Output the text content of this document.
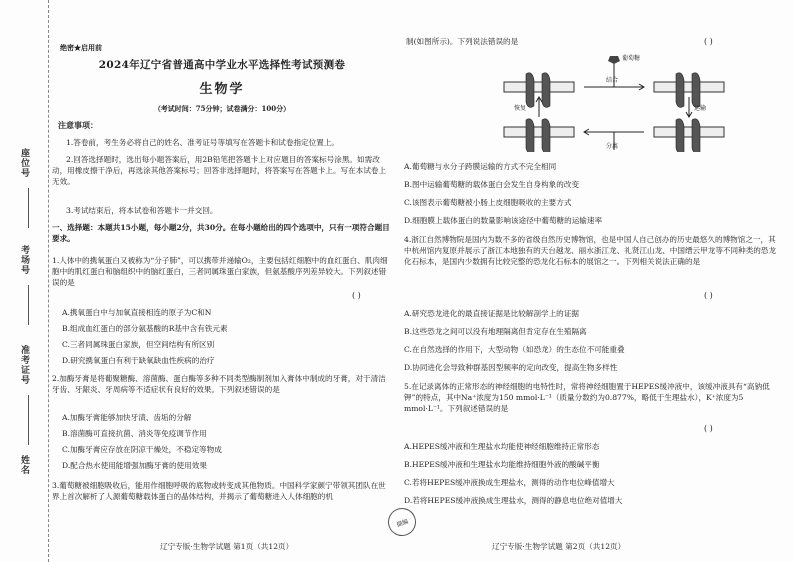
座位号
考场号
准考证号
姓名
绝密★启用前
2024年辽宁省普通高中学业水平选择性考试预测卷
生物学
（考试时间：75分钟；试卷满分：100分）
注意事项：
1.答卷前，考生务必将自己的姓名、准考证号等填写在答题卡和试卷指定位置上。
2.回答选择题时，选出每小题答案后，用2B铅笔把答题卡上对应题目的答案标号涂黑。如需改动，用橡皮擦干净后，再选涂其他答案标号；回答非选择题时，将答案写在答题卡上。写在本试卷上无效。
3.考试结束后，将本试卷和答题卡一并交回。
一、选择题：本题共15小题，每小题2分，共30分。在每小题给出的四个选项中，只有一项符合题目要求。
1.人体中的携氧蛋白又被称为“分子肺”，可以携带并递输O₂，主要包括红细胞中的血红蛋白、肌肉细胞中的肌红蛋白和脑组织中的脑红蛋白，三者同属珠蛋白家族，但氨基酸序列差异较大。下列叙述错误的是
( )
A.携氧蛋白中与加氧直接相连的原子为C和N
B.组成血红蛋白的部分氨基酸的R基中含有铁元素
C.三者同属珠蛋白家族，但空间结构有所区别
D.研究携氧蛋白有利于缺氧缺血性疾病的治疗
2.加酶牙膏是将葡聚糖酶、溶菌酶、蛋白酶等多种不同类型酶制剂加入膏体中制成的牙膏，对于清洁牙齿、牙龈炎、牙周病等不适症状有良好的效果。下列叙述错误的是
A.加酶牙膏能够加快牙渍、齿垢的分解
B.溶菌酶可直接抗菌、消炎等免疫调节作用
C.加酶牙膏应存放在阴凉干燥处，不稳定等物成
D.配合热水使用能增强加酶牙膏的使用效果
3.葡萄糖被细胞吸收后，能用作细胞呼吸的底物或转变成其他物质。中国科学家颜宁带领其团队在世界上首次解析了人源葡萄糖载体蛋白的晶体结构，并揭示了葡萄糖进入人体细胞的机
辽宁专版·生物学试题 第1页（共12页）
描编
制(如图所示)。下列说法错误的是	( )
葡萄糖
结合
恢复	运输
分离
A.葡萄糖与水分子跨膜运输的方式不完全相同
B.图中运输葡萄糖的载体蛋白会发生自身构象的改变
C.该图表示葡萄糖被小肠上皮细胞吸收的主要方式
D.细胞膜上载体蛋白的数量影响该途径中葡萄糖的运输速率
4.浙江自然博物院是国内为数不多的省级自然历史博物馆，也是中国人自己创办的历史最悠久的博物馆之一，其中杭州馆内复原并展示了浙江本地独有的天台越龙、丽水浙江龙、礼贤江山龙、中国缙云甲龙等不同种类的恐龙化石标本，是国内少数拥有比较完整的恐龙化石标本的展馆之一。下列相关说法正确的是
( )
A.研究恐龙进化的最直接证据是比较解剖学上的证据
B.这些恐龙之间可以没有地理隔离但肯定存在生殖隔离
C.在自然选择的作用下，大型动物（如恐龙）的生态位不可能重叠
D.协同进化会导致种群基因型频率的定向改变，提高生物多样性
5.在记录离体的正常形态的神经细胞的电特性时，常将神经细胞置于HEPES缓冲液中，该缓冲液具有“高钠低钾”的特点，其中Na⁺浓度为150 mmol·L⁻¹（质量分数约为0.877%，略低于生理盐水），K⁺浓度为5 mmol·L⁻¹。下列叙述错误的是
( )
A.HEPES缓冲液和生理盐水均能使神经细胞维持正常形态
B.HEPES缓冲液和生理盐水均能维持细胞外液的酸碱平衡
C.若将HEPES缓冲液换成生理盐水，测得的动作电位峰值增大
D.若将HEPES缓冲液换成生理盐水，测得的静息电位绝对值增大
辽宁专版·生物学试题 第2页（共12页）
